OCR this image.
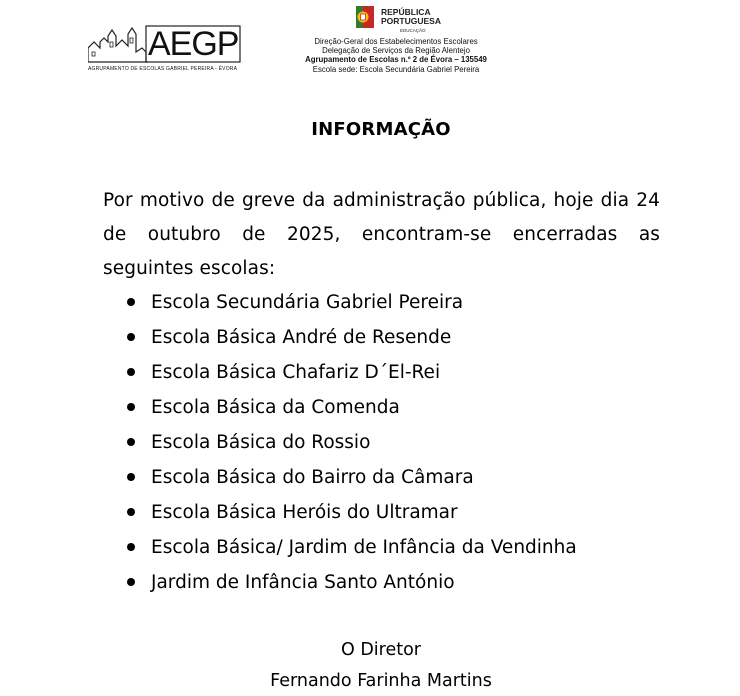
AEGP
AGRUPAMENTO DE ESCOLAS GABRIEL PEREIRA - ÉVORA
REPÚBLICA
PORTUGUESA
EDUCAÇÃO
Direção-Geral dos Estabelecimentos Escolares
Delegação de Serviços da Região Alentejo
Agrupamento de Escolas n.º 2 de Évora – 135549
Escola sede: Escola Secundária Gabriel Pereira
INFORMAÇÃO
Por motivo de greve da administração pública, hoje dia 24 de outubro de 2025, encontram-se encerradas as seguintes escolas:
Escola Secundária Gabriel Pereira
Escola Básica André de Resende
Escola Básica Chafariz D´El-Rei
Escola Básica da Comenda
Escola Básica do Rossio
Escola Básica do Bairro da Câmara
Escola Básica Heróis do Ultramar
Escola Básica/ Jardim de Infância da Vendinha
Jardim de Infância Santo António
O Diretor
Fernando Farinha Martins
